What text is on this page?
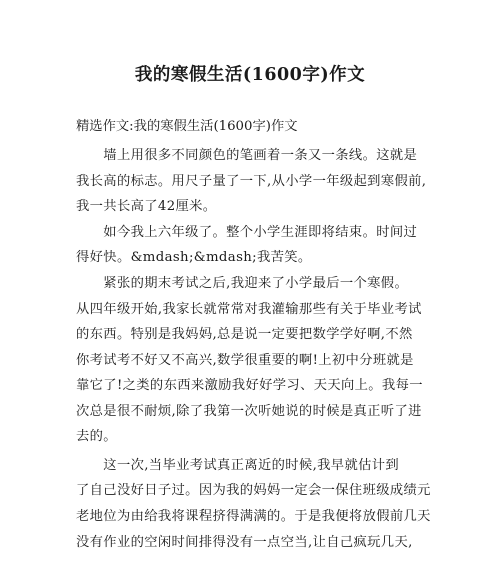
我的寒假生活(1600字)作文
精选作文:我的寒假生活(1600字)作文
　　墙上用很多不同颜色的笔画着一条又一条线。这就是
我长高的标志。用尺子量了一下,从小学一年级起到寒假前,
我一共长高了42厘米。
　　如今我上六年级了。整个小学生涯即将结束。时间过
得好快。&mdash;&mdash;我苦笑。
　　紧张的期末考试之后,我迎来了小学最后一个寒假。
从四年级开始,我家长就常常对我灌输那些有关于毕业考试
的东西。特别是我妈妈,总是说一定要把数学学好啊,不然
你考试考不好又不高兴,数学很重要的啊!上初中分班就是
靠它了!之类的东西来激励我好好学习、天天向上。我每一
次总是很不耐烦,除了我第一次听她说的时候是真正听了进
去的。
　　这一次,当毕业考试真正离近的时候,我早就估计到
了自己没好日子过。因为我的妈妈一定会一保住班级成绩元
老地位为由给我将课程挤得满满的。于是我便将放假前几天
没有作业的空闲时间排得没有一点空当,让自己疯玩几天,
